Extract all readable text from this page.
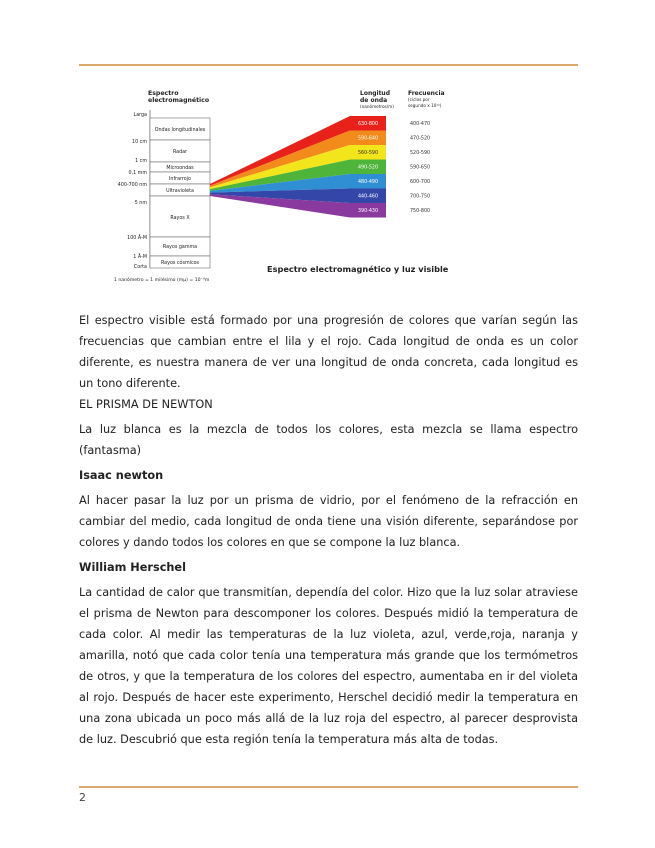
Espectro
electromagnético
Larga
10 cm
1 cm
0,1 mm
400-700 nm
5 nm
100 Å-M
1 Å-M
Corta
Ondas longitudinales
Radar
Microondas
Infrarrojo
Ultravioleta
Rayos X
Rayos gamma
Rayos cósmicos
630-800
590-640
560-590
490-520
480-490
440-460
390-430
Longitud
de onda
(nanómetros/m)
Frecuencia
(ciclos por
segundo x 10¹²)
400-470
470-520
520-590
590-650
600-700
700-750
750-800
1 nanómetro = 1 milésimo (mμ) = 10⁻⁹m
Espectro electromagnético y luz visible

El espectro visible está formado por una progresión de colores que varían según las frecuencias que cambian entre el lila y el rojo. Cada longitud de onda es un color diferente, es nuestra manera de ver una longitud de onda concreta, cada longitud es un tono diferente.

EL PRISMA DE NEWTON

La luz blanca es la mezcla de todos los colores, esta mezcla se llama espectro (fantasma)

Isaac newton

Al hacer pasar la luz por un prisma de vidrio, por el fenómeno de la refracción en cambiar del medio, cada longitud de onda tiene una visión diferente, separándose por colores y dando todos los colores en que se compone la luz blanca.

William Herschel

La cantidad de calor que transmitían, dependía del color. Hizo que la luz solar atraviese el prisma de Newton para descomponer los colores. Después midió la temperatura de cada color. Al medir las temperaturas de la luz violeta, azul, verde,roja, naranja y amarilla, notó que cada color tenía una temperatura más grande que los termómetros de otros, y que la temperatura de los colores del espectro, aumentaba en ir del violeta al rojo. Después de hacer este experimento, Herschel decidió medir la temperatura en una zona ubicada un poco más allá de la luz roja del espectro, al parecer desprovista de luz. Descubrió que esta región tenía la temperatura más alta de todas.

2
